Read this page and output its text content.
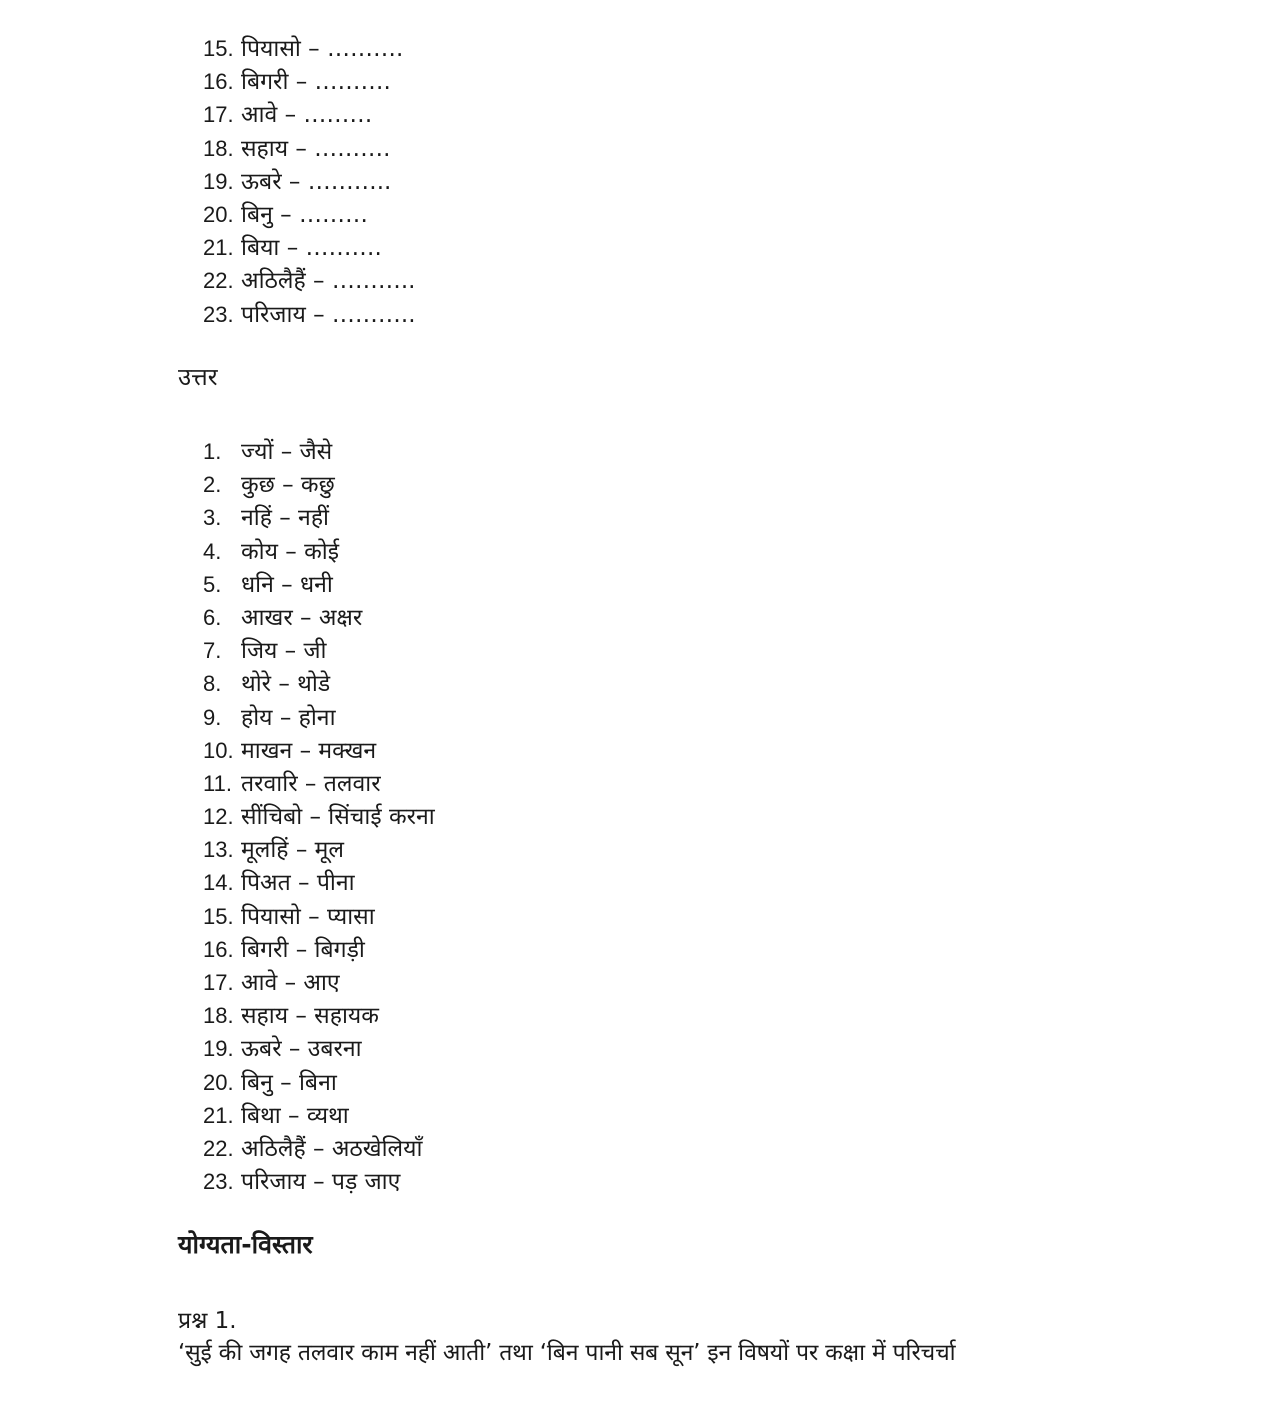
15. पियासो – ……….
16. बिगरी – ……….
17. आवे – ………
18. सहाय – ……….
19. ऊबरे – ………..
20. बिनु – ………
21. बिया – ……….
22. अठिलैहैं – ………..
23. परिजाय – ………..
उत्तर
1. ज्यों – जैसे
2. कुछ – कछु
3. नहिं – नहीं
4. कोय – कोई
5. धनि – धनी
6. आखर – अक्षर
7. जिय – जी
8. थोरे – थोडे
9. होय – होना
10. माखन – मक्खन
11. तरवारि – तलवार
12. सींचिबो – सिंचाई करना
13. मूलहिं – मूल
14. पिअत – पीना
15. पियासो – प्यासा
16. बिगरी – बिगड़ी
17. आवे – आए
18. सहाय – सहायक
19. ऊबरे – उबरना
20. बिनु – बिना
21. बिथा – व्यथा
22. अठिलैहैं – अठखेलियाँ
23. परिजाय – पड़ जाए
योग्यता-विस्तार
प्रश्न 1.
‘सुई की जगह तलवार काम नहीं आती’ तथा ‘बिन पानी सब सून’ इन विषयों पर कक्षा में परिचर्चा
